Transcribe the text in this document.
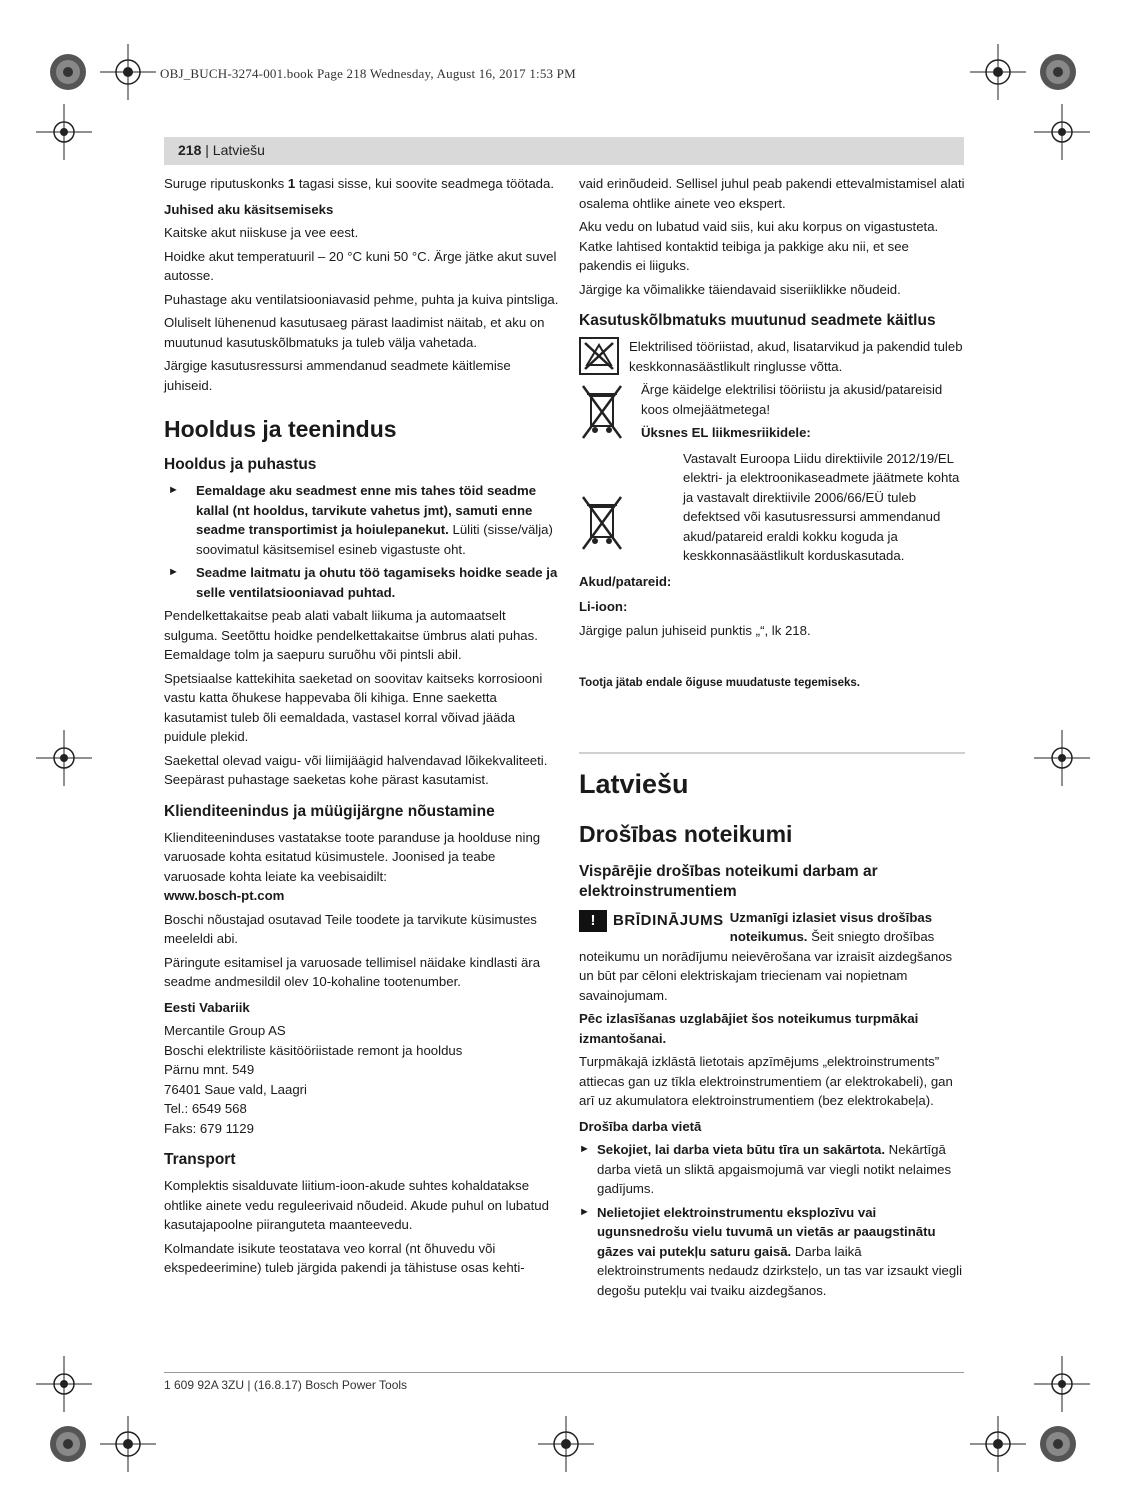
OBJ_BUCH-3274-001.book Page 218 Wednesday, August 16, 2017 1:53 PM
218 | Latviešu

Suruge riputuskonks 1 tagasi sisse, kui soovite seadmega töötada.

Juhised aku käsitsemiseks

Kaitske akut niiskuse ja vee eest.

Hoidke akut temperatuuril – 20 °C kuni 50 °C. Ärge jätke akut suvel autosse.

Puhastage aku ventilatsiooniavasid pehme, puhta ja kuiva pintsliga.

Oluliselt lühenenud kasutusaeg pärast laadimist näitab, et aku on muutunud kasutuskõlbmatuks ja tuleb välja vahetada.

Järgige kasutusressursi ammendanud seadmete käitlemise juhiseid.

Hooldus ja teenindus
Hooldus ja puhastus
► Eemaldage aku seadmest enne mis tahes töid seadme kallal (nt hooldus, tarvikute vahetus jmt), samuti enne seadme transportimist ja hoiulepanekut. Lüliti (sisse/välja) soovimatul käsitsemisel esineb vigastuste oht.
► Seadme laitmatu ja ohutu töö tagamiseks hoidke seade ja selle ventilatsiooniavad puhtad.

Pendelkettakaitse peab alati vabalt liikuma ja automaatselt sulguma. Seetõttu hoidke pendelkettakaitse ümbrus alati puhas. Eemaldage tolm ja saepuru suruõhu või pintsli abil.

Spetsiaalse kattekihita saeketad on soovitav kaitseks korrosiooni vastu katta õhukese happevaba õli kihiga. Enne saeketta kasutamist tuleb õli eemaldada, vastasel korral võivad jääda puidule plekid.

Saekettal olevad vaigu- või liimijäägid halvendavad lõikekvaliteeti. Seepärast puhastage saeketas kohe pärast kasutamist.

Klienditeenindus ja müügijärgne nõustamine

Klienditeeninduses vastatakse toote paranduse ja hoolduse ning varuosade kohta esitatud küsimustele. Joonised ja teabe varuosade kohta leiate ka veebisaidilt:
www.bosch-pt.com

Boschi nõustajad osutavad Teile toodete ja tarvikute küsimustes meeleldi abi.

Päringute esitamisel ja varuosade tellimisel näidake kindlasti ära seadme andmesildil olev 10-kohaline tootenumber.

Eesti Vabariik

Mercantile Group AS

Boschi elektriliste käsitööriistade remont ja hooldus

Pärnu mnt. 549

76401 Saue vald, Laagri

Tel.: 6549 568

Faks: 679 1129

Transport

Komplektis sisalduvate liitium-ioon-akude suhtes kohaldatakse ohtlike ainete vedu reguleerivaid nõudeid. Akude puhul on lubatud kasutajapoolne piiranguteta maanteevedu.

Kolmandate isikute teostatava veo korral (nt õhuvedu või ekspedeerimine) tuleb järgida pakendi ja tähistuse osas kehti-

vaid erinõudeid. Sellisel juhul peab pakendi ettevalmistamisel alati osalema ohtlike ainete veo ekspert.

Aku vedu on lubatud vaid siis, kui aku korpus on vigastusteta. Katke lahtised kontaktid teibiga ja pakkige aku nii, et see pakendis ei liiguks.

Järgige ka võimalikke täiendavaid siseriiklikke nõudeid.

Kasutuskõlbmatuks muutunud seadmete käitlus
Elektrilised tööriistad, akud, lisatarvikud ja pakendid tuleb keskkonnasäästlikult ringlusse võtta.
Ärge käidelge elektrilisi tööriistu ja akusid/patareisid koos olmejäätmetega!
Üksnes EL liikmesriikidele:
Vastavalt Euroopa Liidu direktiivile 2012/19/EL elektri- ja elektroonikaseadmete jäätmete kohta ja vastavalt direktiivile 2006/66/EÜ tuleb defektsed või kasutusressursi ammendanud akud/patareid eraldi kokku koguda ja keskkonnasäästlikult korduskasutada.
Akud/patareid:
Li-ioon:

Järgige palun juhiseid punktis „“, lk 218.

Tootja jätab endale õiguse muudatuste tegemiseks.

Latviešu
Drošības noteikumi
Vispārējie drošības noteikumi darbam ar elektroinstrumentiem

!	BRĪDINĀJUMS Uzmanīgi izlasiet visus drošības noteikumus. Šeit sniegto drošības noteikumu un norādījumu neievērošana var izraisīt aizdegšanos un būt par cēloni elektriskajam triecienam vai nopietnam savainojumam.

Pēc izlasīšanas uzglabājiet šos noteikumus turpmākai izmantošanai.

Turpmākajā izklāstā lietotais apzīmējums „elektroinstruments” attiecas gan uz tīkla elektroinstrumentiem (ar elektrokabeli), gan arī uz akumulatora elektroinstrumentiem (bez elektrokabeļa).

Drošība darba vietā
► Sekojiet, lai darba vieta būtu tīra un sakārtota. Nekārtīgā darba vietā un sliktā apgaismojumā var viegli notikt nelaimes gadījums.
► Nelietojiet elektroinstrumentu eksplozīvu vai ugunsnedrošu vielu tuvumā un vietās ar paaugstinātu gāzes vai putekļu saturu gaisā. Darba laikā elektroinstruments nedaudz dzirksteļo, un tas var izsaukt viegli degošu putekļu vai tvaiku aizdegšanos.
1 609 92A 3ZU | (16.8.17) Bosch Power Tools
